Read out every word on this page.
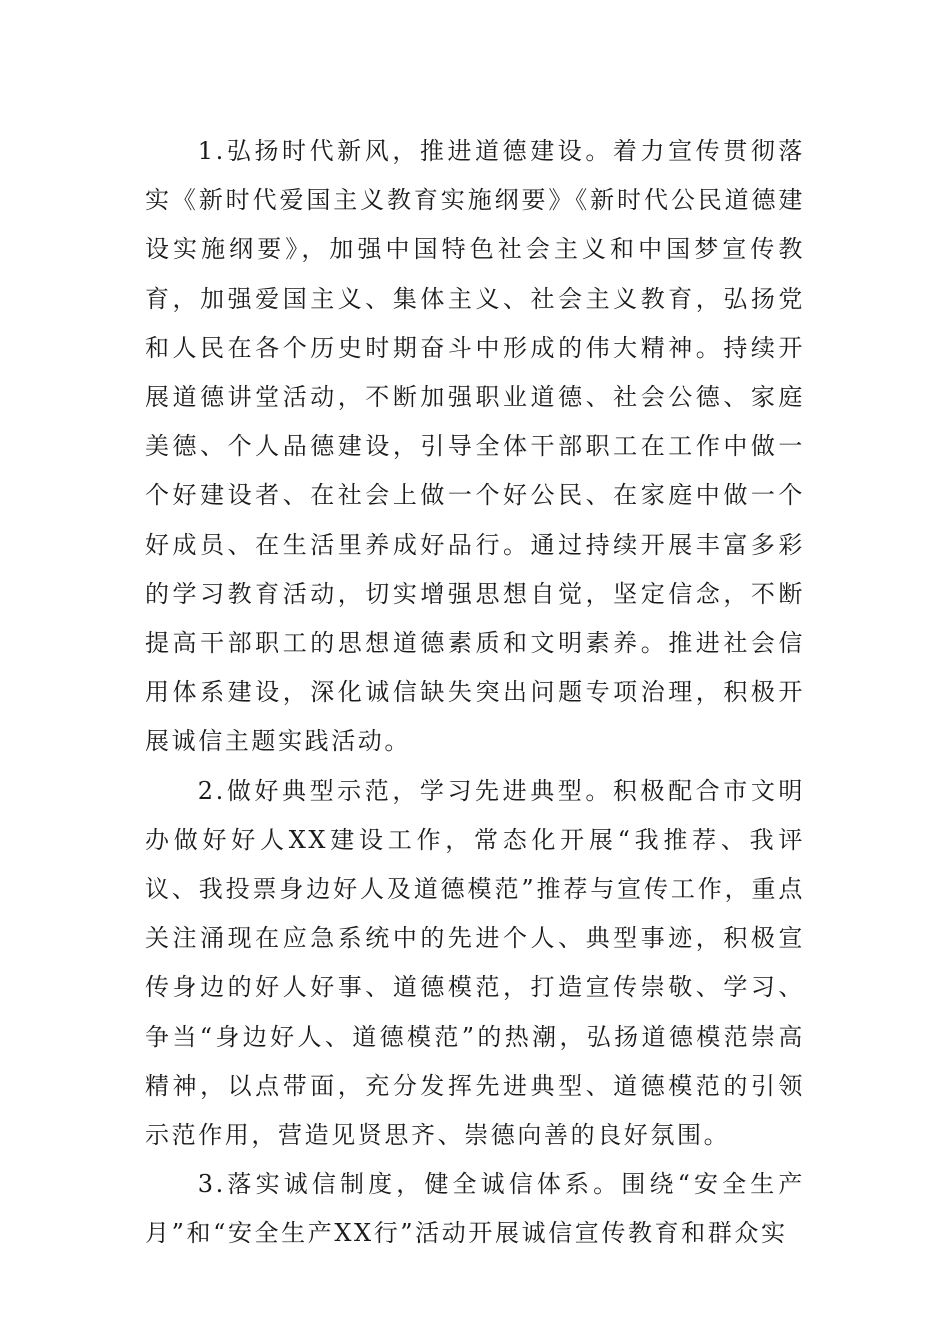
1.弘扬时代新风，推进道德建设。着力宣传贯彻落实《新时代爱国主义教育实施纲要》《新时代公民道德建设实施纲要》，加强中国特色社会主义和中国梦宣传教育，加强爱国主义、集体主义、社会主义教育，弘扬党和人民在各个历史时期奋斗中形成的伟大精神。持续开展道德讲堂活动，不断加强职业道德、社会公德、家庭美德、个人品德建设，引导全体干部职工在工作中做一个好建设者、在社会上做一个好公民、在家庭中做一个好成员、在生活里养成好品行。通过持续开展丰富多彩的学习教育活动，切实增强思想自觉，坚定信念，不断提高干部职工的思想道德素质和文明素养。推进社会信用体系建设，深化诚信缺失突出问题专项治理，积极开展诚信主题实践活动。

2.做好典型示范，学习先进典型。积极配合市文明办做好好人XX建设工作，常态化开展“我推荐、我评议、我投票身边好人及道德模范”推荐与宣传工作，重点关注涌现在应急系统中的先进个人、典型事迹，积极宣传身边的好人好事、道德模范，打造宣传崇敬、学习、争当“身边好人、道德模范”的热潮，弘扬道德模范崇高精神，以点带面，充分发挥先进典型、道德模范的引领示范作用，营造见贤思齐、崇德向善的良好氛围。

3.落实诚信制度，健全诚信体系。围绕“安全生产月”和“安全生产XX行”活动开展诚信宣传教育和群众实
